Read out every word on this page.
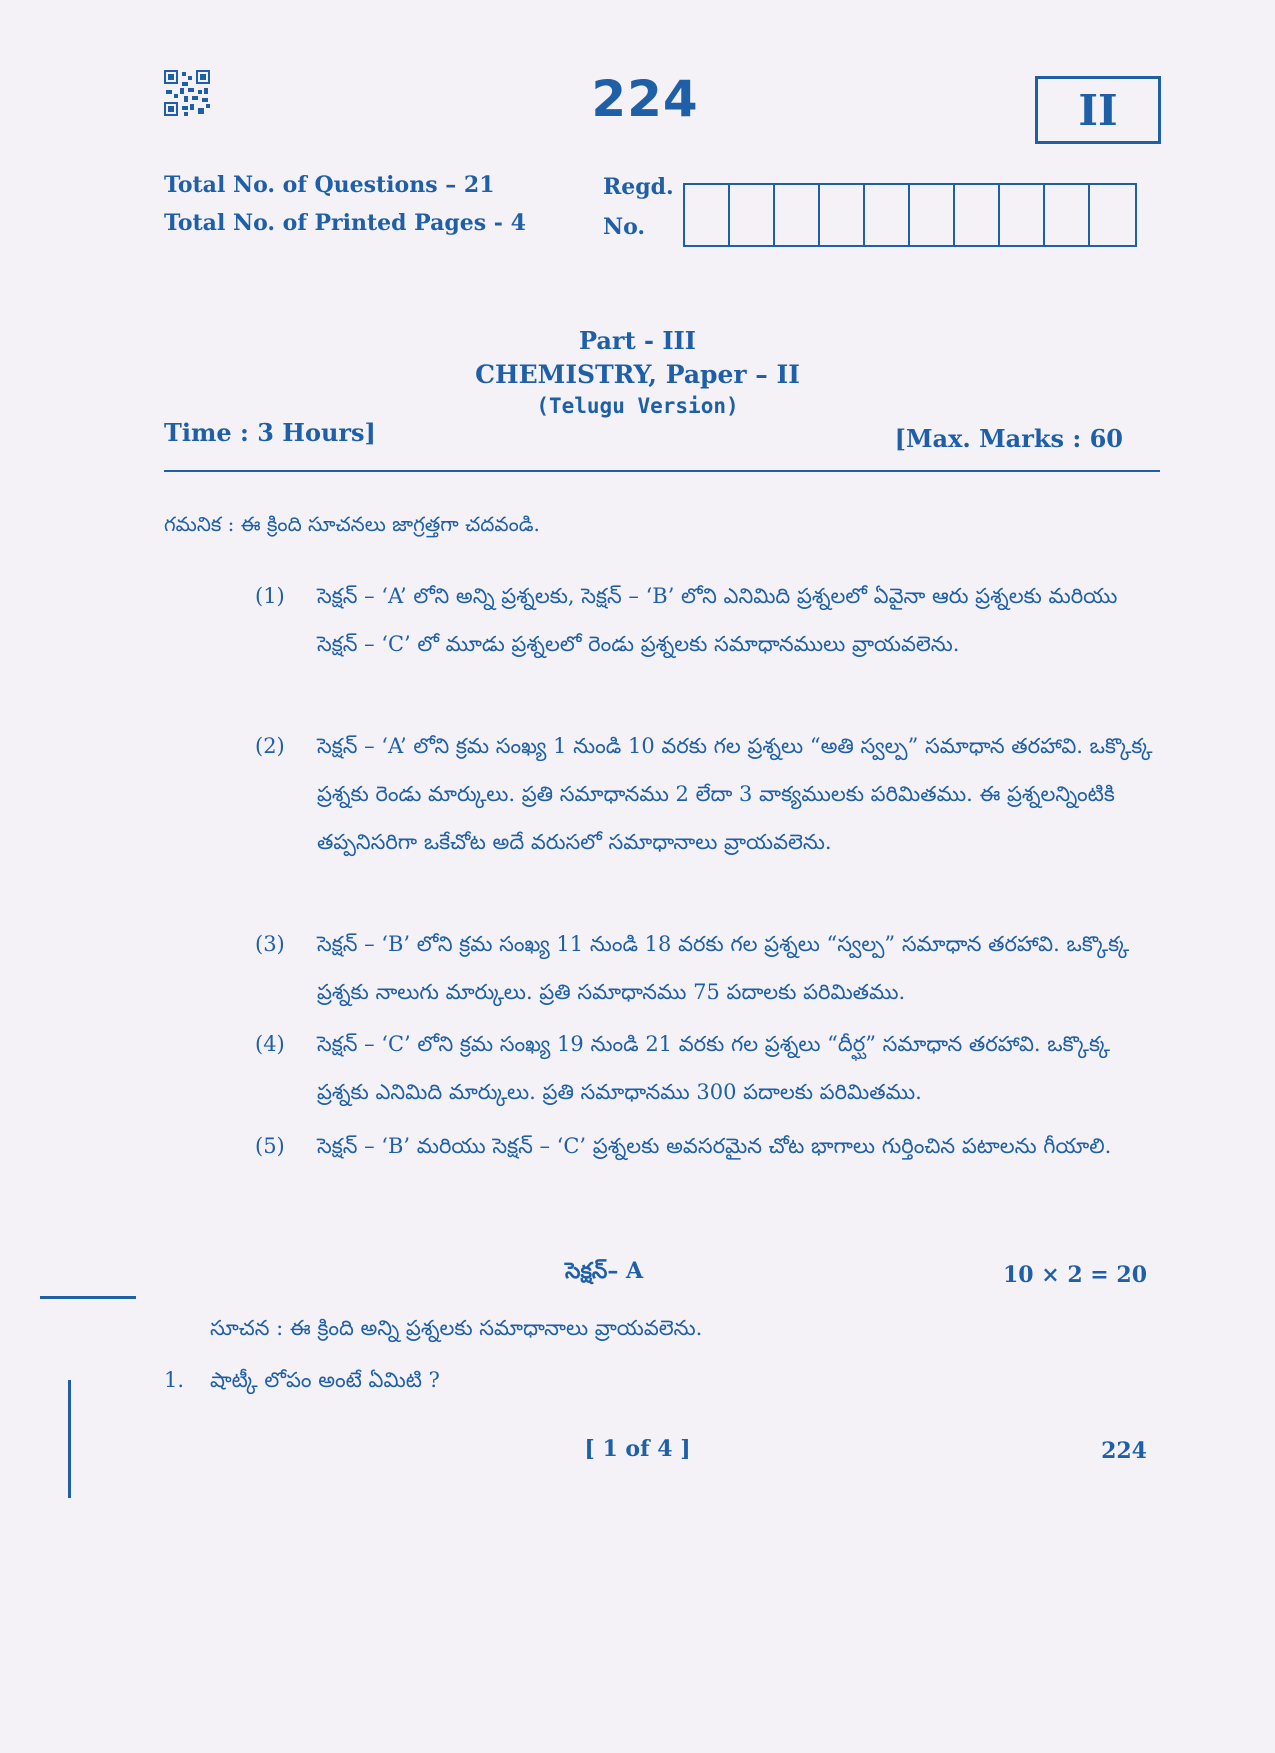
224	II
Total No. of Questions – 21
Total No. of Printed Pages - 4
Regd.
No.
Part - III
CHEMISTRY, Paper – II
(Telugu Version)
Time : 3 Hours]	[Max. Marks : 60
గమనిక : ఈ క్రింది సూచనలు జాగ్రత్తగా చదవండి.
(1) సెక్షన్ – ‘A’ లోని అన్ని ప్రశ్నలకు, సెక్షన్ – ‘B’ లోని ఎనిమిది ప్రశ్నలలో ఏవైనా ఆరు ప్రశ్నలకు మరియు సెక్షన్ – ‘C’ లో మూడు ప్రశ్నలలో రెండు ప్రశ్నలకు సమాధానములు వ్రాయవలెను.
(2) సెక్షన్ – ‘A’ లోని క్రమ సంఖ్య 1 నుండి 10 వరకు గల ప్రశ్నలు “అతి స్వల్ప” సమాధాన తరహావి. ఒక్కొక్క ప్రశ్నకు రెండు మార్కులు. ప్రతి సమాధానము 2 లేదా 3 వాక్యములకు పరిమితము. ఈ ప్రశ్నలన్నింటికి తప్పనిసరిగా ఒకేచోట అదే వరుసలో సమాధానాలు వ్రాయవలెను.
(3) సెక్షన్ – ‘B’ లోని క్రమ సంఖ్య 11 నుండి 18 వరకు గల ప్రశ్నలు “స్వల్ప” సమాధాన తరహావి. ఒక్కొక్క ప్రశ్నకు నాలుగు మార్కులు. ప్రతి సమాధానము 75 పదాలకు పరిమితము.
(4) సెక్షన్ – ‘C’ లోని క్రమ సంఖ్య 19 నుండి 21 వరకు గల ప్రశ్నలు “దీర్ఘ” సమాధాన తరహావి. ఒక్కొక్క ప్రశ్నకు ఎనిమిది మార్కులు. ప్రతి సమాధానము 300 పదాలకు పరిమితము.
(5) సెక్షన్ – ‘B’ మరియు సెక్షన్ – ‘C’ ప్రశ్నలకు అవసరమైన చోట భాగాలు గుర్తించిన పటాలను గీయాలి.
సెక్షన్– A	10 × 2 = 20
సూచన : ఈ క్రింది అన్ని ప్రశ్నలకు సమాధానాలు వ్రాయవలెను.
1. షాట్కీ లోపం అంటే ఏమిటి ?
[ 1 of 4 ]	224
